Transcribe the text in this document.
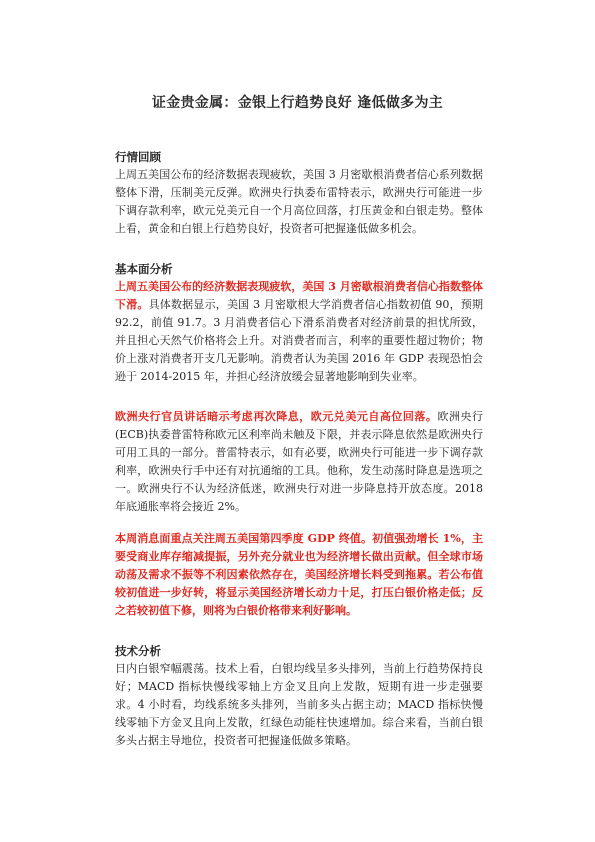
证金贵金属：金银上行趋势良好 逢低做多为主

行情回顾

上周五美国公布的经济数据表现疲软，美国 3 月密歇根消费者信心系列数据整体下滑，压制美元反弹。欧洲央行执委布雷特表示，欧洲央行可能进一步下调存款利率，欧元兑美元自一个月高位回落，打压黄金和白银走势。整体上看，黄金和白银上行趋势良好，投资者可把握逢低做多机会。

基本面分析

上周五美国公布的经济数据表现疲软，美国 3 月密歇根消费者信心指数整体下滑。具体数据显示，美国 3 月密歇根大学消费者信心指数初值 90，预期 92.2，前值 91.7。3 月消费者信心下滑系消费者对经济前景的担忧所致，并且担心天然气价格将会上升。对消费者而言，利率的重要性超过物价；物价上涨对消费者开支几无影响。消费者认为美国 2016 年 GDP 表现恐怕会逊于 2014-2015 年，并担心经济放缓会显著地影响到失业率。

欧洲央行官员讲话暗示考虑再次降息，欧元兑美元自高位回落。欧洲央行(ECB)执委普雷特称欧元区利率尚未触及下限，并表示降息依然是欧洲央行可用工具的一部分。普雷特表示，如有必要，欧洲央行可能进一步下调存款利率，欧洲央行手中还有对抗通缩的工具。他称，发生动荡时降息是选项之一。欧洲央行不认为经济低迷，欧洲央行对进一步降息持开放态度。2018 年底通胀率将会接近 2%。

本周消息面重点关注周五美国第四季度 GDP 终值。初值强劲增长 1%，主要受商业库存缩减提振，另外充分就业也为经济增长做出贡献。但全球市场动荡及需求不振等不利因素依然存在，美国经济增长料受到拖累。若公布值较初值进一步好转，将显示美国经济增长动力十足，打压白银价格走低；反之若较初值下修，则将为白银价格带来利好影响。

技术分析

日内白银窄幅震荡。技术上看，白银均线呈多头排列，当前上行趋势保持良好；MACD 指标快慢线零轴上方金叉且向上发散，短期有进一步走强要求。4 小时看，均线系统多头排列，当前多头占据主动；MACD 指标快慢线零轴下方金叉且向上发散，红绿色动能柱快速增加。综合来看，当前白银多头占据主导地位，投资者可把握逢低做多策略。
